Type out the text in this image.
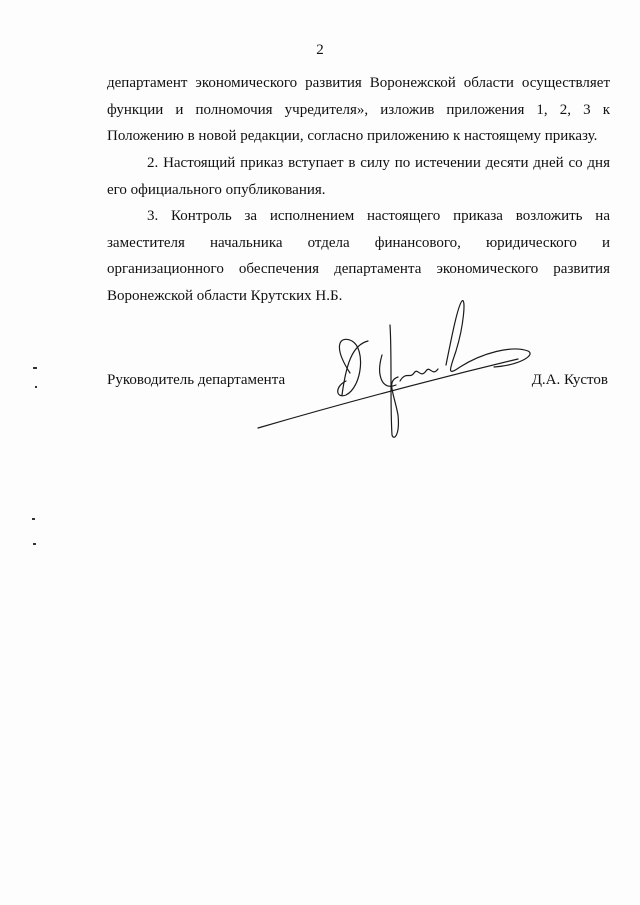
2
департамент экономического развития Воронежской области осуществляет
функции и полномочия учредителя», изложив приложения 1, 2, 3 к
Положению в новой редакции, согласно приложению к настоящему приказу.
2. Настоящий приказ вступает в силу по истечении десяти дней со дня
его официального опубликования.
3. Контроль за исполнением настоящего приказа возложить на
заместителя начальника отдела финансового, юридического и
организационного обеспечения департамента экономического развития
Воронежской области Крутских Н.Б.
Руководитель департамента	Д.А. Кустов
